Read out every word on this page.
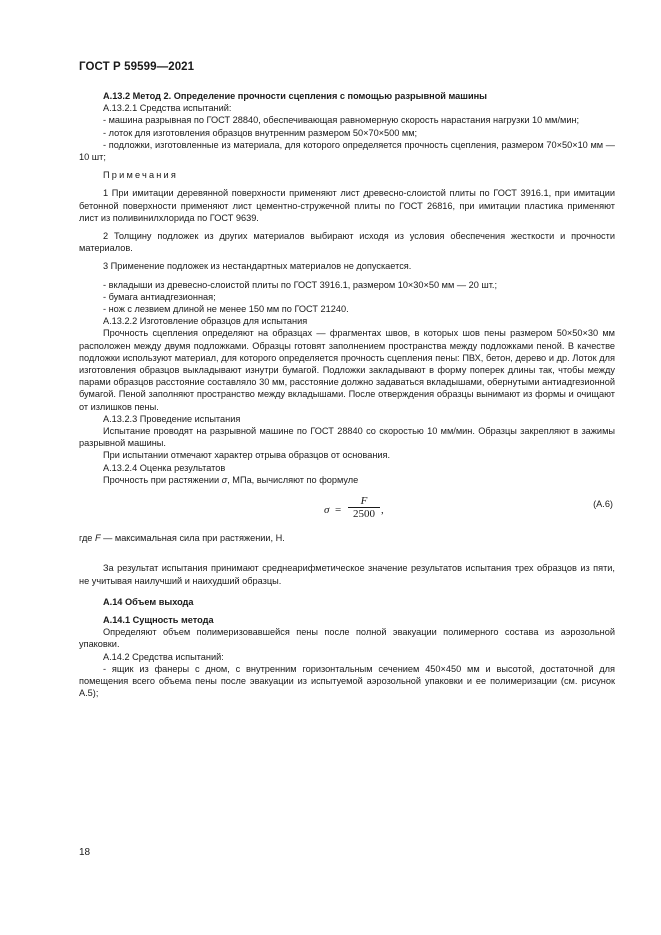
ГОСТ Р 59599—2021

А.13.2 Метод 2. Определение прочности сцепления с помощью разрывной машины

А.13.2.1 Средства испытаний:

- машина разрывная по ГОСТ 28840, обеспечивающая равномерную скорость нарастания нагрузки 10 мм/мин;

- лоток для изготовления образцов внутренним размером 50×70×500 мм;

- подложки, изготовленные из материала, для которого определяется прочность сцепления, размером 70×50×10 мм — 10 шт;

Примечания

1 При имитации деревянной поверхности применяют лист древесно-слоистой плиты по ГОСТ 3916.1, при имитации бетонной поверхности применяют лист цементно-стружечной плиты по ГОСТ 26816, при имитации пластика применяют лист из поливинилхлорида по ГОСТ 9639.

2 Толщину подложек из других материалов выбирают исходя из условия обеспечения жесткости и прочности материалов.

3 Применение подложек из нестандартных материалов не допускается.

- вкладыши из древесно-слоистой плиты по ГОСТ 3916.1, размером 10×30×50 мм — 20 шт.;

- бумага антиадгезионная;

- нож с лезвием длиной не менее 150 мм по ГОСТ 21240.

А.13.2.2 Изготовление образцов для испытания

Прочность сцепления определяют на образцах — фрагментах швов, в которых шов пены размером 50×50×30 мм расположен между двумя подложками. Образцы готовят заполнением пространства между подложками пеной. В качестве подложки используют материал, для которого определяется прочность сцепления пены: ПВХ, бетон, дерево и др. Лоток для изготовления образцов выкладывают изнутри бумагой. Подложки закладывают в форму поперек длины так, чтобы между парами образцов расстояние составляло 30 мм, расстояние должно задаваться вкладышами, обернутыми антиадгезионной бумагой. Пеной заполняют пространство между вкладышами. После отверждения образцы вынимают из формы и очищают от излишков пены.

А.13.2.3 Проведение испытания

Испытание проводят на разрывной машине по ГОСТ 28840 со скоростью 10 мм/мин. Образцы закрепляют в зажимы разрывной машины.

При испытании отмечают характер отрыва образцов от основания.

А.13.2.4 Оценка результатов

Прочность при растяжении σ, МПа, вычисляют по формуле

$\sigma = \frac{F}{2500}$ ,	(А.6)

где F — максимальная сила при растяжении, Н.

За результат испытания принимают среднеарифметическое значение результатов испытания трех образцов из пяти, не учитывая наилучший и наихудший образцы.

А.14 Объем выхода

А.14.1 Сущность метода

Определяют объем полимеризовавшейся пены после полной эвакуации полимерного состава из аэрозольной упаковки.

А.14.2 Средства испытаний:

- ящик из фанеры с дном, с внутренним горизонтальным сечением 450×450 мм и высотой, достаточной для помещения всего объема пены после эвакуации из испытуемой аэрозольной упаковки и ее полимеризации (см. рисунок А.5);

18
